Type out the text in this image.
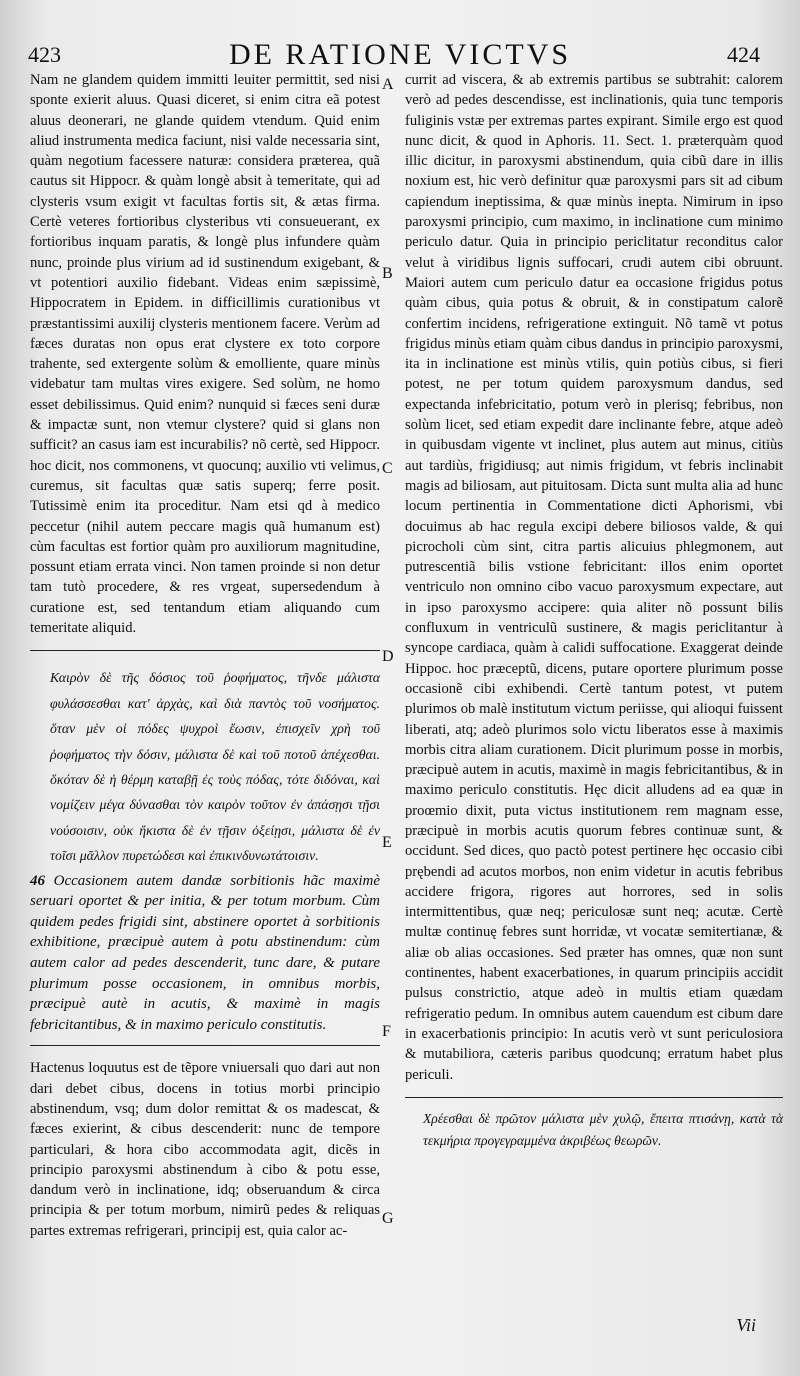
423	DE RATIONE VICTVS	424

Nam ne glandem quidem immitti leuiter permittit, sed nisi sponte exierit aluus. Quasi diceret, si enim citra eã potest aluus deonerari, ne glande quidem vtendum. Quid enim aliud instrumenta medica faciunt, nisi valde necessaria sint, quàm negotium facessere naturæ: considera præterea, quã cautus sit Hippocr. & quàm longè absit à temeritate, qui ad clysteris vsum exigit vt facultas fortis sit, & ætas firma. Certè veteres fortioribus clysteribus vti consueuerant, ex fortioribus inquam paratis, & longè plus infundere quàm nunc, proinde plus virium ad id sustinendum exigebant, & vt potentiori auxilio fidebant. Videas enim sæpissimè, Hippocratem in Epidem. in difficillimis curationibus vt præstantissimi auxilij clysteris mentionem facere. Verùm ad fæces duratas non opus erat clystere ex toto corpore trahente, sed extergente solùm & emolliente, quare minùs videbatur tam multas vires exigere. Sed solùm, ne homo esset debilissimus. Quid enim? nunquid si fæces seni duræ & impactæ sunt, non vtemur clystere? quid si glans non sufficit? an casus iam est incurabilis? nõ certè, sed Hippocr. hoc dicit, nos commonens, vt quocunq; auxilio vti velimus, curemus, sit facultas quæ satis superq; ferre posit. Tutissimè enim ita proceditur. Nam etsi qd à medico peccetur (nihil autem peccare magis quã humanum est) cùm facultas est fortior quàm pro auxiliorum magnitudine, possunt etiam errata vinci. Non tamen proinde si non detur tam tutò procedere, & res vrgeat, supersedendum à curatione est, sed tentandum etiam aliquando cum temeritate aliquid.

Καιρὸν δὲ τῆς δόσιος τοῦ ῥοφήματος, τῆνδε μάλιστα φυλάσσεσθαι κατ' ἀρχὰς, καὶ διὰ παντὸς τοῦ νοσήματος. ὅταν μὲν οἱ πόδες ψυχροὶ ἔωσιν, ἐπισχεῖν χρὴ τοῦ ῥοφήματος τὴν δόσιν, μάλιστα δὲ καὶ τοῦ ποτοῦ ἀπέχεσθαι. ὅκόταν δὲ ἡ θέρμη καταβῇ ἐς τοὺς πόδας, τότε διδόναι, καὶ νομίζειν μέγα δύνασθαι τὸν καιρὸν τοῦτον ἐν ἁπάσῃσι τῇσι νούσοισιν, οὐκ ἥκιστα δὲ ἐν τῇσιν ὀξείῃσι, μάλιστα δὲ ἐν τοῖσι μᾶλλον πυρετώδεσι καὶ ἐπικινδυνωτάτοισιν.

46 Occasionem autem dandæ sorbitionis hãc maximè seruari oportet & per initia, & per totum morbum. Cùm quidem pedes frigidi sint, abstinere oportet à sorbitionis exhibitione, præcipuè autem à potu abstinendum: cùm autem calor ad pedes descenderit, tunc dare, & putare plurimum posse occasionem, in omnibus morbis, præcipuè autè in acutis, & maximè in magis febricitantibus, & in maximo periculo constitutis.

Hactenus loquutus est de tẽpore vniuersali quo dari aut non dari debet cibus, docens in totius morbi principio abstinendum, vsq; dum dolor remittat & os madescat, & fæces exierint, & cibus descenderit: nunc de tempore particulari, & hora cibo accommodata agit, dicẽs in principio paroxysmi abstinendum à cibo & potu esse, dandum verò in inclinatione, idq; obseruandum & circa principia & per totum morbum, nimirũ pedes & reliquas partes extremas refrigerari, principij est, quia calor ac-

A
B
C
D
E
F
G

currit ad viscera, & ab extremis partibus se subtrahit: calorem verò ad pedes descendisse, est inclinationis, quia tunc temporis fuliginis vstæ per extremas partes expirant. Simile ergo est quod nunc dicit, & quod in Aphoris. 11. Sect. 1. præterquàm quod illic dicitur, in paroxysmi abstinendum, quia cibũ dare in illis noxium est, hic verò definitur quæ paroxysmi pars sit ad cibum capiendum ineptissima, & quæ minùs inepta. Nimirum in ipso paroxysmi principio, cum maximo, in inclinatione cum minimo periculo datur. Quia in principio periclitatur reconditus calor velut à viridibus lignis suffocari, crudi autem cibi obruunt. Maiori autem cum periculo datur ea occasione frigidus potus quàm cibus, quia potus & obruit, & in constipatum calorẽ confertim incidens, refrigeratione extinguit. Nõ tamẽ vt potus frigidus minùs etiam quàm cibus dandus in principio paroxysmi, ita in inclinatione est minùs vtilis, quin potiùs cibus, si fieri potest, ne per totum quidem paroxysmum dandus, sed expectanda infebricitatio, potum verò in plerisq; febribus, non solùm licet, sed etiam expedit dare inclinante febre, atque adeò in quibusdam vigente vt inclinet, plus autem aut minus, citiùs aut tardiùs, frigidiusq; aut nimis frigidum, vt febris inclinabit magis ad biliosam, aut pituitosam. Dicta sunt multa alia ad hunc locum pertinentia in Commentatione dicti Aphorismi, vbi docuimus ab hac regula excipi debere biliosos valde, & qui picrocholi cùm sint, citra partis alicuius phlegmonem, aut putrescentiã bilis vstione febricitant: illos enim oportet ventriculo non omnino cibo vacuo paroxysmum expectare, aut in ipso paroxysmo accipere: quia aliter nõ possunt bilis confluxum in ventriculũ sustinere, & magis periclitantur à syncope cardiaca, quàm à calidi suffocatione. Exaggerat deinde Hippoc. hoc præceptũ, dicens, putare oportere plurimum posse occasionẽ cibi exhibendi. Certè tantum potest, vt putem plurimos ob malè institutum victum periisse, qui alioqui fuissent liberati, atq; adeò plurimos solo victu liberatos esse à maximis morbis citra aliam curationem. Dicit plurimum posse in morbis, præcipuè autem in acutis, maximè in magis febricitantibus, & in maximo periculo constitutis. Hęc dicit alludens ad ea quæ in proœmio dixit, puta victus institutionem rem magnam esse, præcipuè in morbis acutis quorum febres continuæ sunt, & occidunt. Sed dices, quo pactò potest pertinere hęc occasio cibi prębendi ad acutos morbos, non enim videtur in acutis febribus accidere frigora, rigores aut horrores, sed in solis intermittentibus, quæ neq; periculosæ sunt neq; acutæ. Certè multæ continuę febres sunt horridæ, vt vocatæ semitertianæ, & aliæ ob alias occasiones. Sed præter has omnes, quæ non sunt continentes, habent exacerbationes, in quarum principiis accidit pulsus constrictio, atque adeò in multis etiam quædam refrigeratio pedum. In omnibus autem cauendum est cibum dare in exacerbationis principio: In acutis verò vt sunt periculosiora & mutabiliora, cæteris paribus quodcunq; erratum habet plus periculi.

Χρέεσθαι δὲ πρῶτον μάλιστα μὲν χυλῷ, ἔπειτα πτισάνῃ, κατὰ τὰ τεκμήρια προγεγραμμένα ἀκριβέως θεωρῶν.

Vii
